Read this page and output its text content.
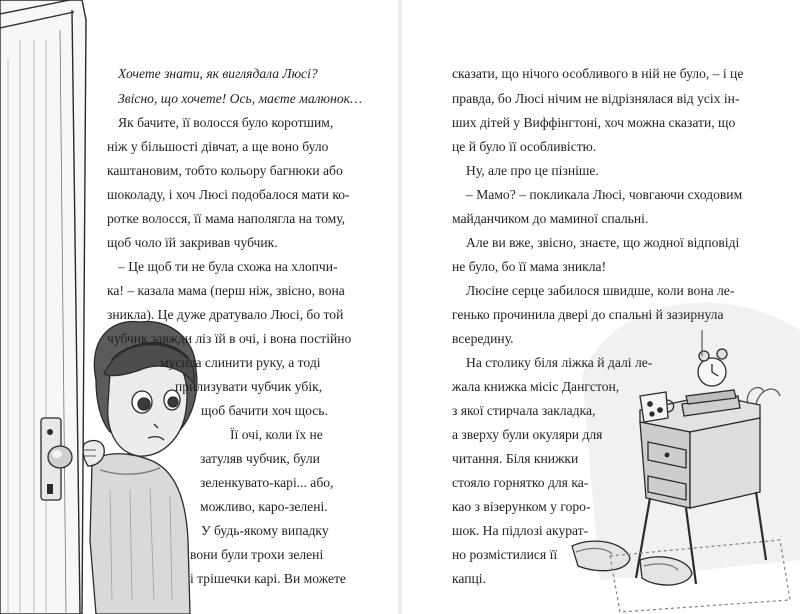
Хочете знати, як виглядала Люсі?
Звісно, що хочете! Ось, маєте малюнок…
Як бачите, її волосся було коротшим,
ніж у більшості дівчат, а ще воно було
каштановим, тобто кольору багнюки або
шоколаду, і хоч Люсі подобалося мати ко-
ротке волосся, її мама наполягла на тому,
щоб чоло їй закривав чубчик.
– Це щоб ти не була схожа на хлопчи-
ка! – казала мама (перш ніж, звісно, вона
зникла). Це дуже дратувало Люсі, бо той
чубчик завжди ліз їй в очі, і вона постійно
мусила слинити руку, а тоді
прилизувати чубчик убік,
щоб бачити хоч щось.
Її очі, коли їх не
затуляв чубчик, були
зеленкувато-карі... або,
можливо, каро-зелені.
У будь-якому випадку
вони були трохи зелені
і трішечки карі. Ви можете
сказати, що нічого особливого в ній не було, – і це
правда, бо Люсі нічим не відрізнялася від усіх ін-
ших дітей у Виффінгтоні, хоч можна сказати, що
це й було її особливістю.
Ну, але про це пізніше.
– Мамо? – покликала Люсі, човгаючи сходовим
майданчиком до маминої спальні.
Але ви вже, звісно, знаєте, що жодної відповіді
не було, бо її мама зникла!
Люсіне серце забилося швидше, коли вона ле-
генько прочинила двері до спальні й зазирнула
всередину.
На столику біля ліжка й далі ле-
жала книжка місіс Дангстон,
з якої стирчала закладка,
а зверху були окуляри для
читання. Біля книжки
стояло горнятко для ка-
као з візерунком у горо-
шок. На підлозі акурат-
но розмістилися її
капці.
